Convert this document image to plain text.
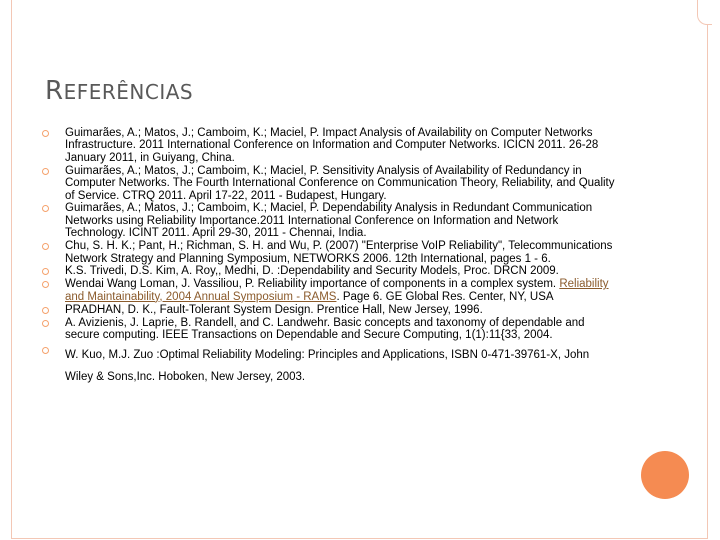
REFERÊNCIAS
Guimarães, A.; Matos, J.; Camboim, K.; Maciel, P. Impact Analysis of Availability on Computer Networks Infrastructure. 2011 International Conference on Information and Computer Networks. ICICN 2011. 26-28 January 2011, in Guiyang, China.
Guimarães, A.; Matos, J.; Camboim, K.; Maciel, P. Sensitivity Analysis of Availability of Redundancy in Computer Networks. The Fourth International Conference on Communication Theory, Reliability, and Quality of Service. CTRQ 2011. April 17-22, 2011 - Budapest, Hungary.
Guimarães, A.; Matos, J.; Camboim, K.; Maciel, P. Dependability Analysis in Redundant Communication Networks using Reliability Importance.2011 International Conference on Information and Network Technology. ICINT 2011. April 29-30, 2011 - Chennai, India.
Chu, S. H. K.; Pant, H.; Richman, S. H. and Wu, P. (2007) "Enterprise VoIP Reliability", Telecommunications Network Strategy and Planning Symposium, NETWORKS 2006. 12th International, pages 1 - 6.
K.S. Trivedi, D.S. Kim, A. Roy,, Medhi, D. :Dependability and Security Models, Proc. DRCN 2009.
Wendai Wang Loman, J. Vassiliou, P. Reliability importance of components in a complex system. Reliability and Maintainability, 2004 Annual Symposium - RAMS. Page 6. GE Global Res. Center, NY, USA
PRADHAN, D. K., Fault-Tolerant System Design. Prentice Hall, New Jersey, 1996.
A. Avizienis, J. Laprie, B. Randell, and C. Landwehr. Basic concepts and taxonomy of dependable and secure computing. IEEE Transactions on Dependable and Secure Computing, 1(1):11{33, 2004.
W. Kuo, M.J. Zuo :Optimal Reliability Modeling: Principles and Applications, ISBN 0-471-39761-X, John Wiley & Sons,Inc. Hoboken, New Jersey, 2003.
